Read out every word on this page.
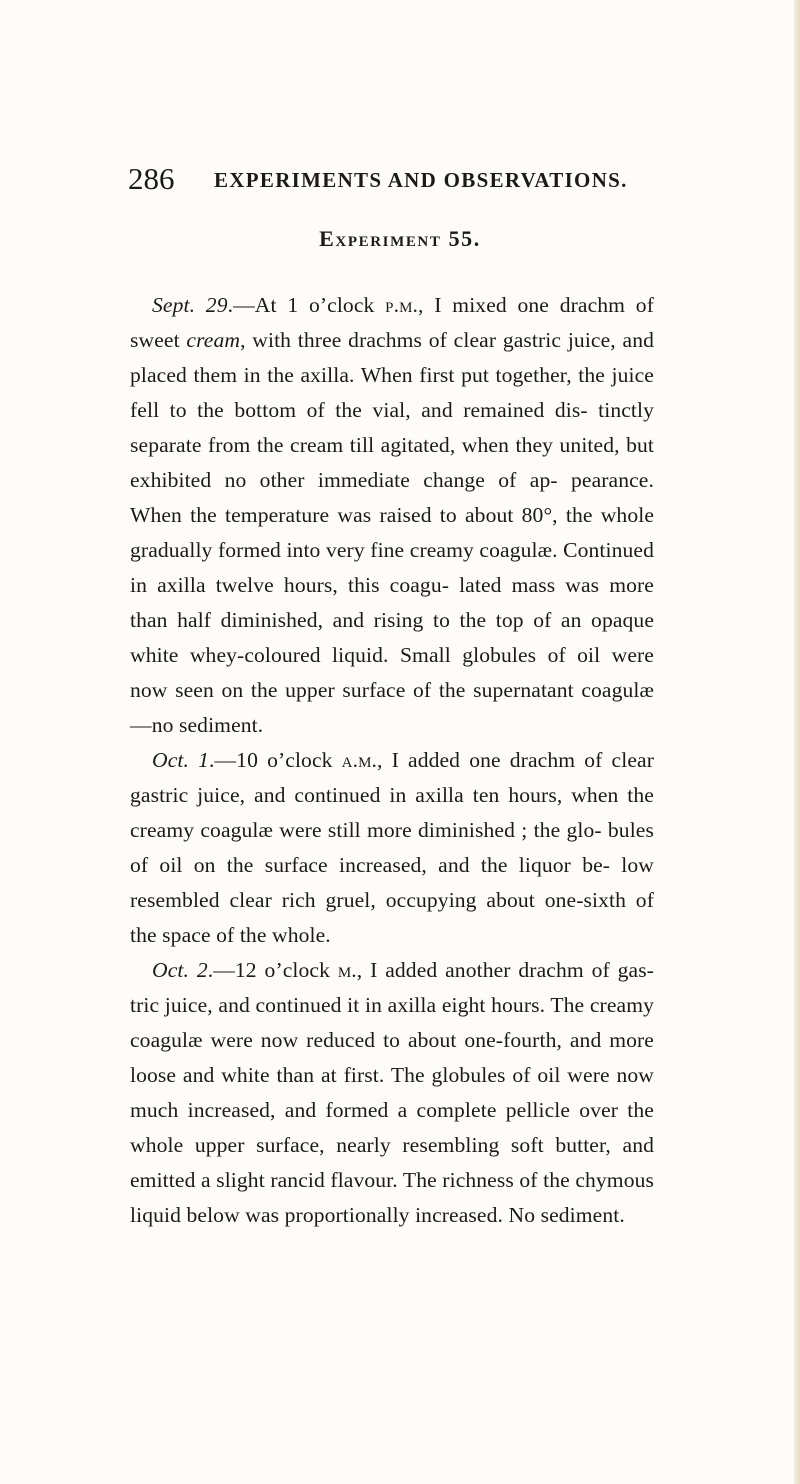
286 EXPERIMENTS AND OBSERVATIONS.
Experiment 55.

Sept. 29.—At 1 o’clock p.m., I mixed one drachm of sweet cream, with three drachms of clear gastric juice, and placed them in the axilla. When first put together, the juice fell to the bottom of the vial, and remained dis- tinctly separate from the cream till agitated, when they united, but exhibited no other immediate change of ap- pearance. When the temperature was raised to about 80°, the whole gradually formed into very fine creamy coagulæ. Continued in axilla twelve hours, this coagu- lated mass was more than half diminished, and rising to the top of an opaque white whey-coloured liquid. Small globules of oil were now seen on the upper surface of the supernatant coagulæ—no sediment.

Oct. 1.—10 o’clock a.m., I added one drachm of clear gastric juice, and continued in axilla ten hours, when the creamy coagulæ were still more diminished ; the glo- bules of oil on the surface increased, and the liquor be- low resembled clear rich gruel, occupying about one-sixth of the space of the whole.

Oct. 2.—12 o’clock m., I added another drachm of gas- tric juice, and continued it in axilla eight hours. The creamy coagulæ were now reduced to about one-fourth, and more loose and white than at first. The globules of oil were now much increased, and formed a complete pellicle over the whole upper surface, nearly resembling soft butter, and emitted a slight rancid flavour. The richness of the chymous liquid below was proportionally increased. No sediment.
